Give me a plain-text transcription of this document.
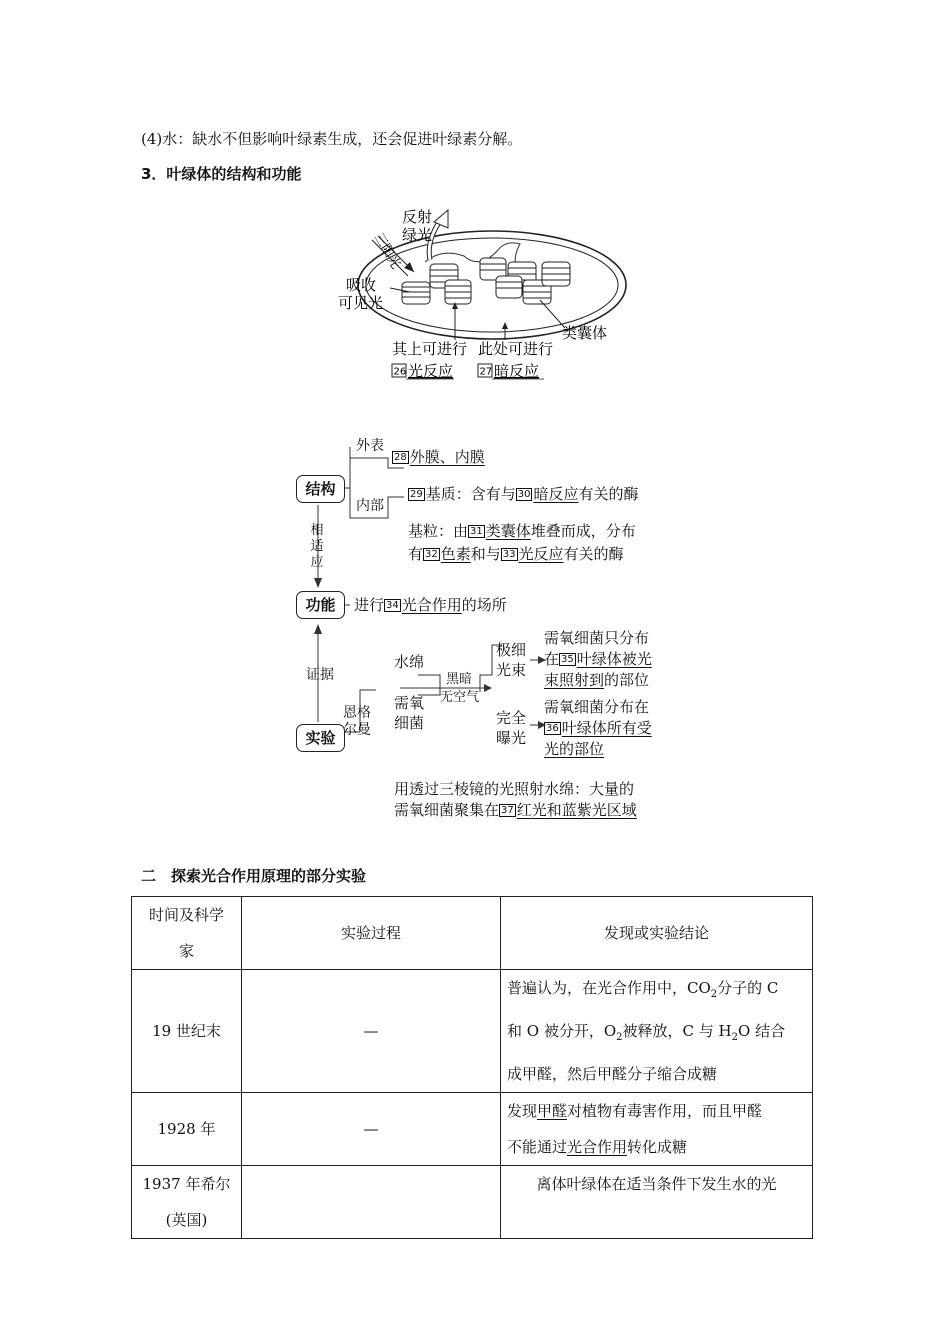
(4)水：缺水不但影响叶绿素生成，还会促进叶绿素分解。
3．叶绿体的结构和功能
三阳光
反射
绿光
吸收
可见光
类囊体
其上可进行 此处可进行
26 光反应	27 暗反应
结构
功能
实验
相适应
证据
外表
内部
28 外膜、内膜
29 基质：含有与 30 暗反应有关的酶
基粒：由 31 类囊体堆叠而成，分布
有 32 色素和与 33 光反应有关的酶
进行 34 光合作用的场所
恩格
尔曼
水绵
需氧
细菌
黑暗
无空气
极细
光束
完全
曝光
需氧细菌只分布
在 35 叶绿体被光
束照射到的部位
需氧细菌分布在
36 叶绿体所有受
光的部位
用透过三棱镜的光照射水绵：大量的
需氧细菌聚集在 37 红光和蓝紫光区域
二　探索光合作用原理的部分实验
时间及科学
家	实验过程	发现或实验结论
19 世纪末	—	普遍认为，在光合作用中，$CO_2$分子的 C
和 O 被分开，$O_2$被释放，C 与 $H_2O$ 结合
成甲醛，然后甲醛分子缩合成糖

1928 年	—	发现甲醛对植物有毒害作用，而且甲醛
不能通过光合作用转化成糖

1937 年希尔
(英国)		离体叶绿体在适当条件下发生水的光
